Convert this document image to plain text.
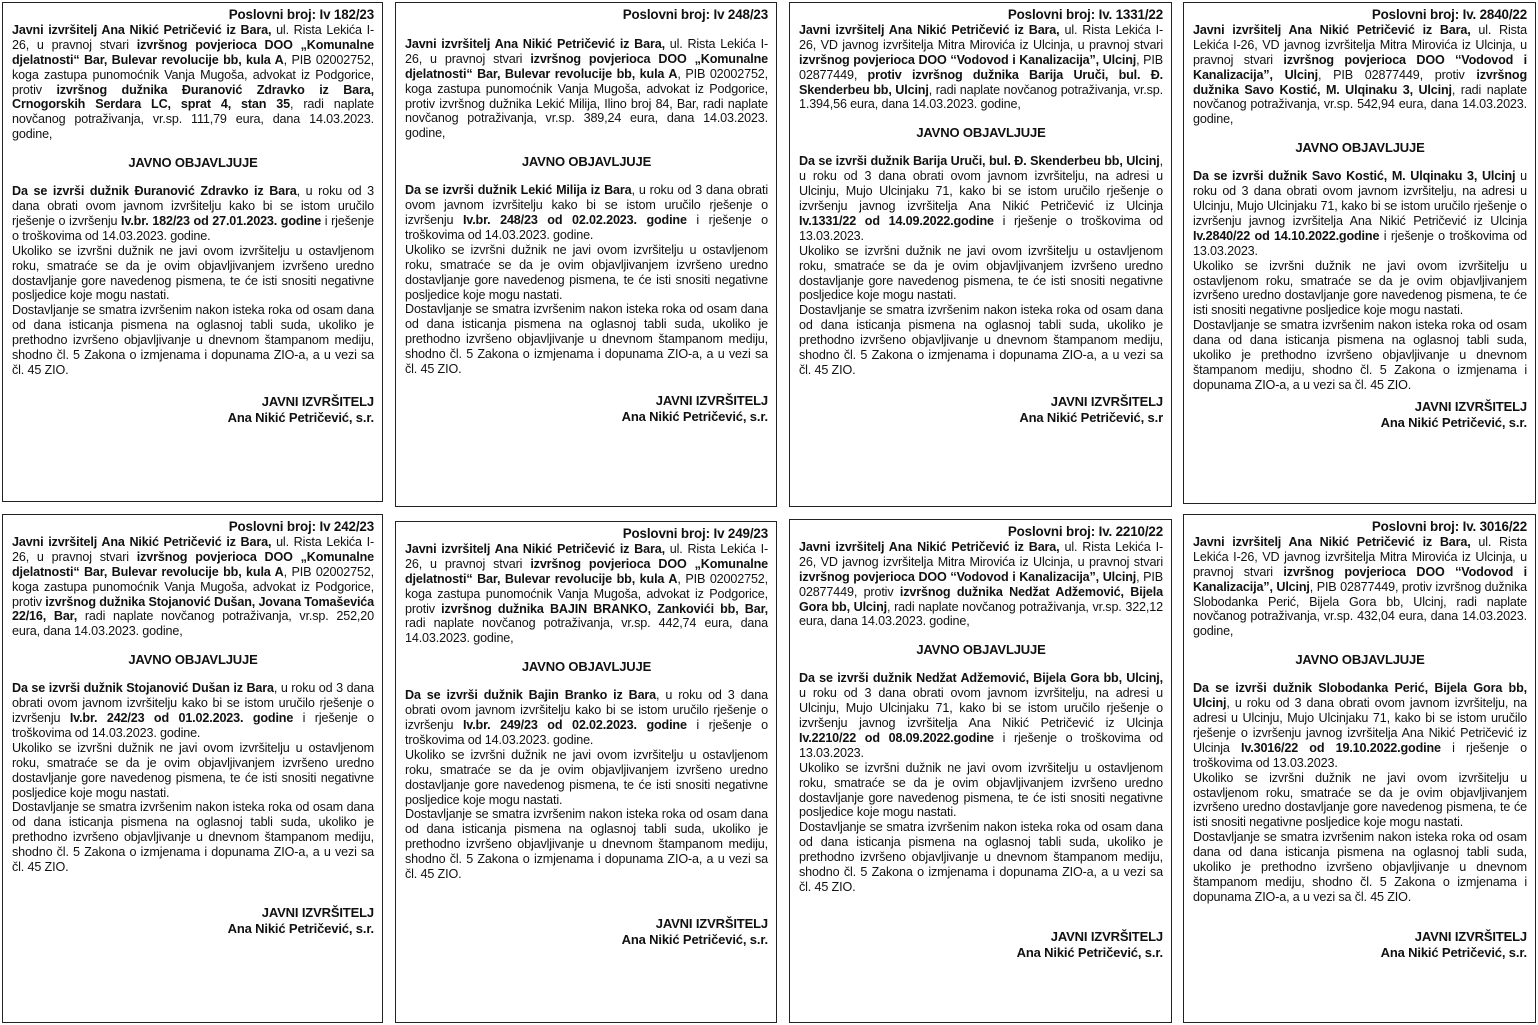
Poslovni broj: Iv 182/23

Javni izvršitelj Ana Nikić Petričević iz Bara, ul. Rista Lekića I-26, u pravnoj stvari izvršnog povjerioca DOO „Komunalne djelatnosti“ Bar, Bulevar revolucije bb, kula A, PIB 02002752, koga zastupa punomoćnik Vanja Mugoša, advokat iz Podgorice, protiv izvršnog dužnika Đuranović Zdravko iz Bara, Crnogorskih Serdara LC, sprat 4, stan 35, radi naplate novčanog potraživanja, vr.sp. 111,79 eura, dana 14.03.2023. godine,

JAVNO OBJAVLJUJE

Da se izvrši dužnik Đuranović Zdravko iz Bara, u roku od 3 dana obrati ovom javnom izvršitelju kako bi se istom uručilo rješenje o izvršenju Iv.br. 182/23 od 27.01.2023. godine i rješenje o troškovima od 14.03.2023. godine.

Ukoliko se izvršni dužnik ne javi ovom izvršitelju u ostavljenom roku, smatraće se da je ovim objavljivanjem izvršeno uredno dostavljanje gore navedenog pismena, te će isti snositi negativne posljedice koje mogu nastati.

Dostavljanje se smatra izvršenim nakon isteka roka od osam dana od dana isticanja pismena na oglasnoj tabli suda, ukoliko je prethodno izvršeno objavljivanje u dnevnom štampanom mediju, shodno čl. 5 Zakona o izmjenama i dopunama ZIO-a, a u vezi sa čl. 45 ZIO.

JAVNI IZVRŠITELJ
Ana Nikić Petričević, s.r.
Poslovni broj: Iv 248/23

Javni izvršitelj Ana Nikić Petričević iz Bara, ul. Rista Lekića I-26, u pravnoj stvari izvršnog povjerioca DOO „Komunalne djelatnosti“ Bar, Bulevar revolucije bb, kula A, PIB 02002752, koga zastupa punomoćnik Vanja Mugoša, advokat iz Podgorice, protiv izvršnog dužnika Lekić Milija, Ilino broj 84, Bar, radi naplate novčanog potraživanja, vr.sp. 389,24 eura, dana 14.03.2023. godine,

JAVNO OBJAVLJUJE

Da se izvrši dužnik Lekić Milija iz Bara, u roku od 3 dana obrati ovom javnom izvršitelju kako bi se istom uručilo rješenje o izvršenju Iv.br. 248/23 od 02.02.2023. godine i rješenje o troškovima od 14.03.2023. godine.

Ukoliko se izvršni dužnik ne javi ovom izvršitelju u ostavljenom roku, smatraće se da je ovim objavljivanjem izvršeno uredno dostavljanje gore navedenog pismena, te će isti snositi negativne posljedice koje mogu nastati.

Dostavljanje se smatra izvršenim nakon isteka roka od osam dana od dana isticanja pismena na oglasnoj tabli suda, ukoliko je prethodno izvršeno objavljivanje u dnevnom štampanom mediju, shodno čl. 5 Zakona o izmjenama i dopunama ZIO-a, a u vezi sa čl. 45 ZIO.

JAVNI IZVRŠITELJ
Ana Nikić Petričević, s.r.
Poslovni broj: Iv. 1331/22

Javni izvršitelj Ana Nikić Petričević iz Bara, ul. Rista Lekića I-26, VD javnog izvršitelja Mitra Mirovića iz Ulcinja, u pravnoj stvari izvršnog povjerioca DOO ‘‘Vodovod i Kanalizacija”, Ulcinj, PIB 02877449, protiv izvršnog dužnika Barija Uruči, bul. Đ. Skenderbeu bb, Ulcinj, radi naplate novčanog potraživanja, vr.sp. 1.394,56 eura, dana 14.03.2023. godine,

JAVNO OBJAVLJUJE

Da se izvrši dužnik Barija Uruči, bul. Đ. Skenderbeu bb, Ulcinj, u roku od 3 dana obrati ovom javnom izvršitelju, na adresi u Ulcinju, Mujo Ulcinjaku 71, kako bi se istom uručilo rješenje o izvršenju javnog izvršitelja Ana Nikić Petričević iz Ulcinja Iv.1331/22 od 14.09.2022.godine i rješenje o troškovima od 13.03.2023.

Ukoliko se izvršni dužnik ne javi ovom izvršitelju u ostavljenom roku, smatraće se da je ovim objavljivanjem izvršeno uredno dostavljanje gore navedenog pismena, te će isti snositi negativne posljedice koje mogu nastati.

Dostavljanje se smatra izvršenim nakon isteka roka od osam dana od dana isticanja pismena na oglasnoj tabli suda, ukoliko je prethodno izvršeno objavljivanje u dnevnom štampanom mediju, shodno čl. 5 Zakona o izmjenama i dopunama ZIO-a, a u vezi sa čl. 45 ZIO.

JAVNI IZVRŠITELJ
Ana Nikić Petričević, s.r
Poslovni broj: Iv. 2840/22

Javni izvršitelj Ana Nikić Petričević iz Bara, ul. Rista Lekića I-26, VD javnog izvršitelja Mitra Mirovića iz Ulcinja, u pravnoj stvari izvršnog povjerioca DOO ‘‘Vodovod i Kanalizacija”, Ulcinj, PIB 02877449, protiv izvršnog dužnika Savo Kostić, M. Ulqinaku 3, Ulcinj, radi naplate novčanog potraživanja, vr.sp. 542,94 eura, dana 14.03.2023. godine,

JAVNO OBJAVLJUJE

Da se izvrši dužnik Savo Kostić, M. Ulqinaku 3, Ulcinj u roku od 3 dana obrati ovom javnom izvršitelju, na adresi u Ulcinju, Mujo Ulcinjaku 71, kako bi se istom uručilo rješenje o izvršenju javnog izvršitelja Ana Nikić Petričević iz Ulcinja Iv.2840/22 od 14.10.2022.godine i rješenje o troškovima od 13.03.2023.

Ukoliko se izvršni dužnik ne javi ovom izvršitelju u ostavljenom roku, smatraće se da je ovim objavljivanjem izvršeno uredno dostavljanje gore navedenog pismena, te će isti snositi negativne posljedice koje mogu nastati.

Dostavljanje se smatra izvršenim nakon isteka roka od osam dana od dana isticanja pismena na oglasnoj tabli suda, ukoliko je prethodno izvršeno objavljivanje u dnevnom štampanom mediju, shodno čl. 5 Zakona o izmjenama i dopunama ZIO-a, a u vezi sa čl. 45 ZIO.

JAVNI IZVRŠITELJ
Ana Nikić Petričević, s.r.
Poslovni broj: Iv 242/23

Javni izvršitelj Ana Nikić Petričević iz Bara, ul. Rista Lekića I-26, u pravnoj stvari izvršnog povjerioca DOO „Komunalne djelatnosti“ Bar, Bulevar revolucije bb, kula A, PIB 02002752, koga zastupa punomoćnik Vanja Mugoša, advokat iz Podgorice, protiv izvršnog dužnika Stojanović Dušan, Jovana Tomaševića 22/16, Bar, radi naplate novčanog potraživanja, vr.sp. 252,20 eura, dana 14.03.2023. godine,

JAVNO OBJAVLJUJE

Da se izvrši dužnik Stojanović Dušan iz Bara, u roku od 3 dana obrati ovom javnom izvršitelju kako bi se istom uručilo rješenje o izvršenju Iv.br. 242/23 od 01.02.2023. godine i rješenje o troškovima od 14.03.2023. godine.

Ukoliko se izvršni dužnik ne javi ovom izvršitelju u ostavljenom roku, smatraće se da je ovim objavljivanjem izvršeno uredno dostavljanje gore navedenog pismena, te će isti snositi negativne posljedice koje mogu nastati.

Dostavljanje se smatra izvršenim nakon isteka roka od osam dana od dana isticanja pismena na oglasnoj tabli suda, ukoliko je prethodno izvršeno objavljivanje u dnevnom štampanom mediju, shodno čl. 5 Zakona o izmjenama i dopunama ZIO-a, a u vezi sa čl. 45 ZIO.

JAVNI IZVRŠITELJ
Ana Nikić Petričević, s.r.
Poslovni broj: Iv 249/23

Javni izvršitelj Ana Nikić Petričević iz Bara, ul. Rista Lekića I-26, u pravnoj stvari izvršnog povjerioca DOO „Komunalne djelatnosti“ Bar, Bulevar revolucije bb, kula A, PIB 02002752, koga zastupa punomoćnik Vanja Mugoša, advokat iz Podgorice, protiv izvršnog dužnika BAJIN BRANKO, Zankovići bb, Bar, radi naplate novčanog potraživanja, vr.sp. 442,74 eura, dana 14.03.2023. godine,

JAVNO OBJAVLJUJE

Da se izvrši dužnik Bajin Branko iz Bara, u roku od 3 dana obrati ovom javnom izvršitelju kako bi se istom uručilo rješenje o izvršenju Iv.br. 249/23 od 02.02.2023. godine i rješenje o troškovima od 14.03.2023. godine.

Ukoliko se izvršni dužnik ne javi ovom izvršitelju u ostavljenom roku, smatraće se da je ovim objavljivanjem izvršeno uredno dostavljanje gore navedenog pismena, te će isti snositi negativne posljedice koje mogu nastati.

Dostavljanje se smatra izvršenim nakon isteka roka od osam dana od dana isticanja pismena na oglasnoj tabli suda, ukoliko je prethodno izvršeno objavljivanje u dnevnom štampanom mediju, shodno čl. 5 Zakona o izmjenama i dopunama ZIO-a, a u vezi sa čl. 45 ZIO.

JAVNI IZVRŠITELJ
Ana Nikić Petričević, s.r.
Poslovni broj: Iv. 2210/22

Javni izvršitelj Ana Nikić Petričević iz Bara, ul. Rista Lekića I-26, VD javnog izvršitelja Mitra Mirovića iz Ulcinja, u pravnoj stvari izvršnog povjerioca DOO ‘‘Vodovod i Kanalizacija”, Ulcinj, PIB 02877449, protiv izvršnog dužnika Nedžat Adžemović, Bijela Gora bb, Ulcinj, radi naplate novčanog potraživanja, vr.sp. 322,12 eura, dana 14.03.2023. godine,

JAVNO OBJAVLJUJE

Da se izvrši dužnik Nedžat Adžemović, Bijela Gora bb, Ulcinj, u roku od 3 dana obrati ovom javnom izvršitelju, na adresi u Ulcinju, Mujo Ulcinjaku 71, kako bi se istom uručilo rješenje o izvršenju javnog izvršitelja Ana Nikić Petričević iz Ulcinja Iv.2210/22 od 08.09.2022.godine i rješenje o troškovima od 13.03.2023.

Ukoliko se izvršni dužnik ne javi ovom izvršitelju u ostavljenom roku, smatraće se da je ovim objavljivanjem izvršeno uredno dostavljanje gore navedenog pismena, te će isti snositi negativne posljedice koje mogu nastati.

Dostavljanje se smatra izvršenim nakon isteka roka od osam dana od dana isticanja pismena na oglasnoj tabli suda, ukoliko je prethodno izvršeno objavljivanje u dnevnom štampanom mediju, shodno čl. 5 Zakona o izmjenama i dopunama ZIO-a, a u vezi sa čl. 45 ZIO.

JAVNI IZVRŠITELJ
Ana Nikić Petričević, s.r.
Poslovni broj: Iv. 3016/22

Javni izvršitelj Ana Nikić Petričević iz Bara, ul. Rista Lekića I-26, VD javnog izvršitelja Mitra Mirovića iz Ulcinja, u pravnoj stvari izvršnog povjerioca DOO ‘‘Vodovod i Kanalizacija”, Ulcinj, PIB 02877449, protiv izvršnog dužnika Slobodanka Perić, Bijela Gora bb, Ulcinj, radi naplate novčanog potraživanja, vr.sp. 432,04 eura, dana 14.03.2023. godine,

JAVNO OBJAVLJUJE

Da se izvrši dužnik Slobodanka Perić, Bijela Gora bb, Ulcinj, u roku od 3 dana obrati ovom javnom izvršitelju, na adresi u Ulcinju, Mujo Ulcinjaku 71, kako bi se istom uručilo rješenje o izvršenju javnog izvršitelja Ana Nikić Petričević iz Ulcinja Iv.3016/22 od 19.10.2022.godine i rješenje o troškovima od 13.03.2023.

Ukoliko se izvršni dužnik ne javi ovom izvršitelju u ostavljenom roku, smatraće se da je ovim objavljivanjem izvršeno uredno dostavljanje gore navedenog pismena, te će isti snositi negativne posljedice koje mogu nastati.

Dostavljanje se smatra izvršenim nakon isteka roka od osam dana od dana isticanja pismena na oglasnoj tabli suda, ukoliko je prethodno izvršeno objavljivanje u dnevnom štampanom mediju, shodno čl. 5 Zakona o izmjenama i dopunama ZIO-a, a u vezi sa čl. 45 ZIO.

JAVNI IZVRŠITELJ
Ana Nikić Petričević, s.r.
